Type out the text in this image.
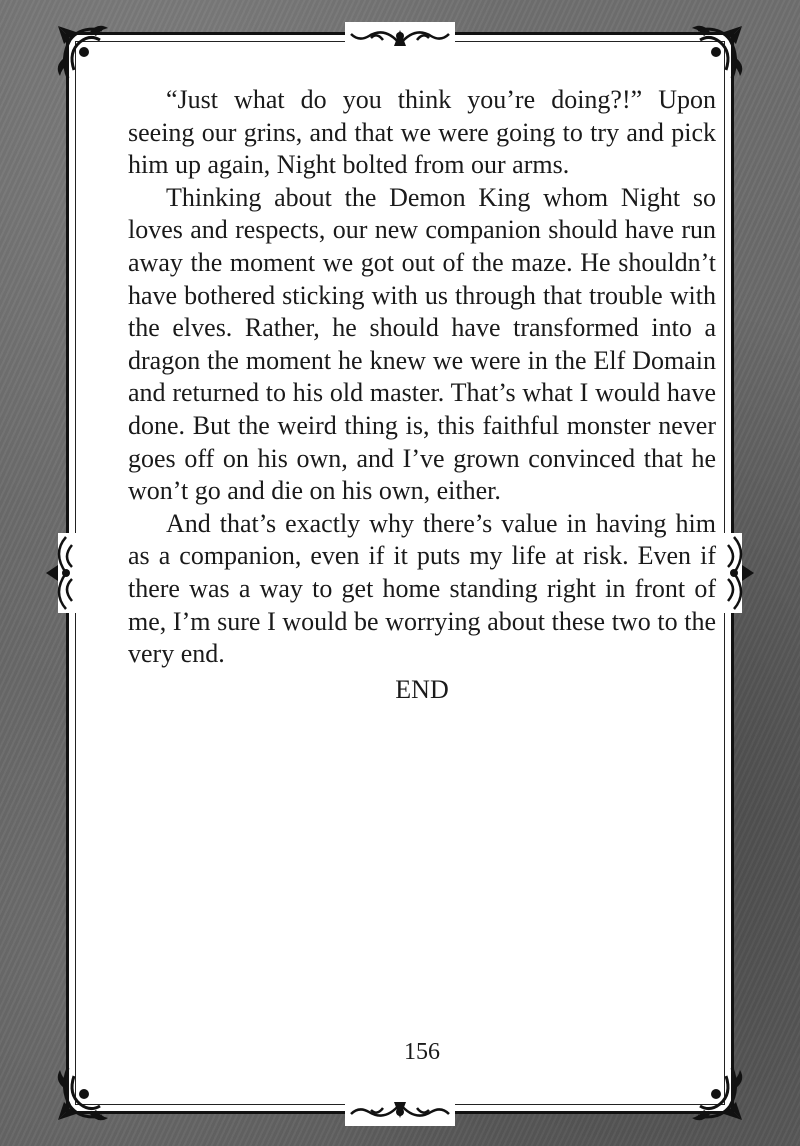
“Just what do you think you’re doing?!” Upon seeing our grins, and that we were going to try and pick him up again, Night bolted from our arms.

Thinking about the Demon King whom Night so loves and respects, our new companion should have run away the moment we got out of the maze. He shouldn’t have bothered sticking with us through that trouble with the elves. Rather, he should have transformed into a dragon the moment he knew we were in the Elf Domain and returned to his old master. That’s what I would have done. But the weird thing is, this faithful monster never goes off on his own, and I’ve grown convinced that he won’t go and die on his own, either.

And that’s exactly why there’s value in having him as a companion, even if it puts my life at risk. Even if there was a way to get home standing right in front of me, I’m sure I would be worrying about these two to the very end.

END
156
